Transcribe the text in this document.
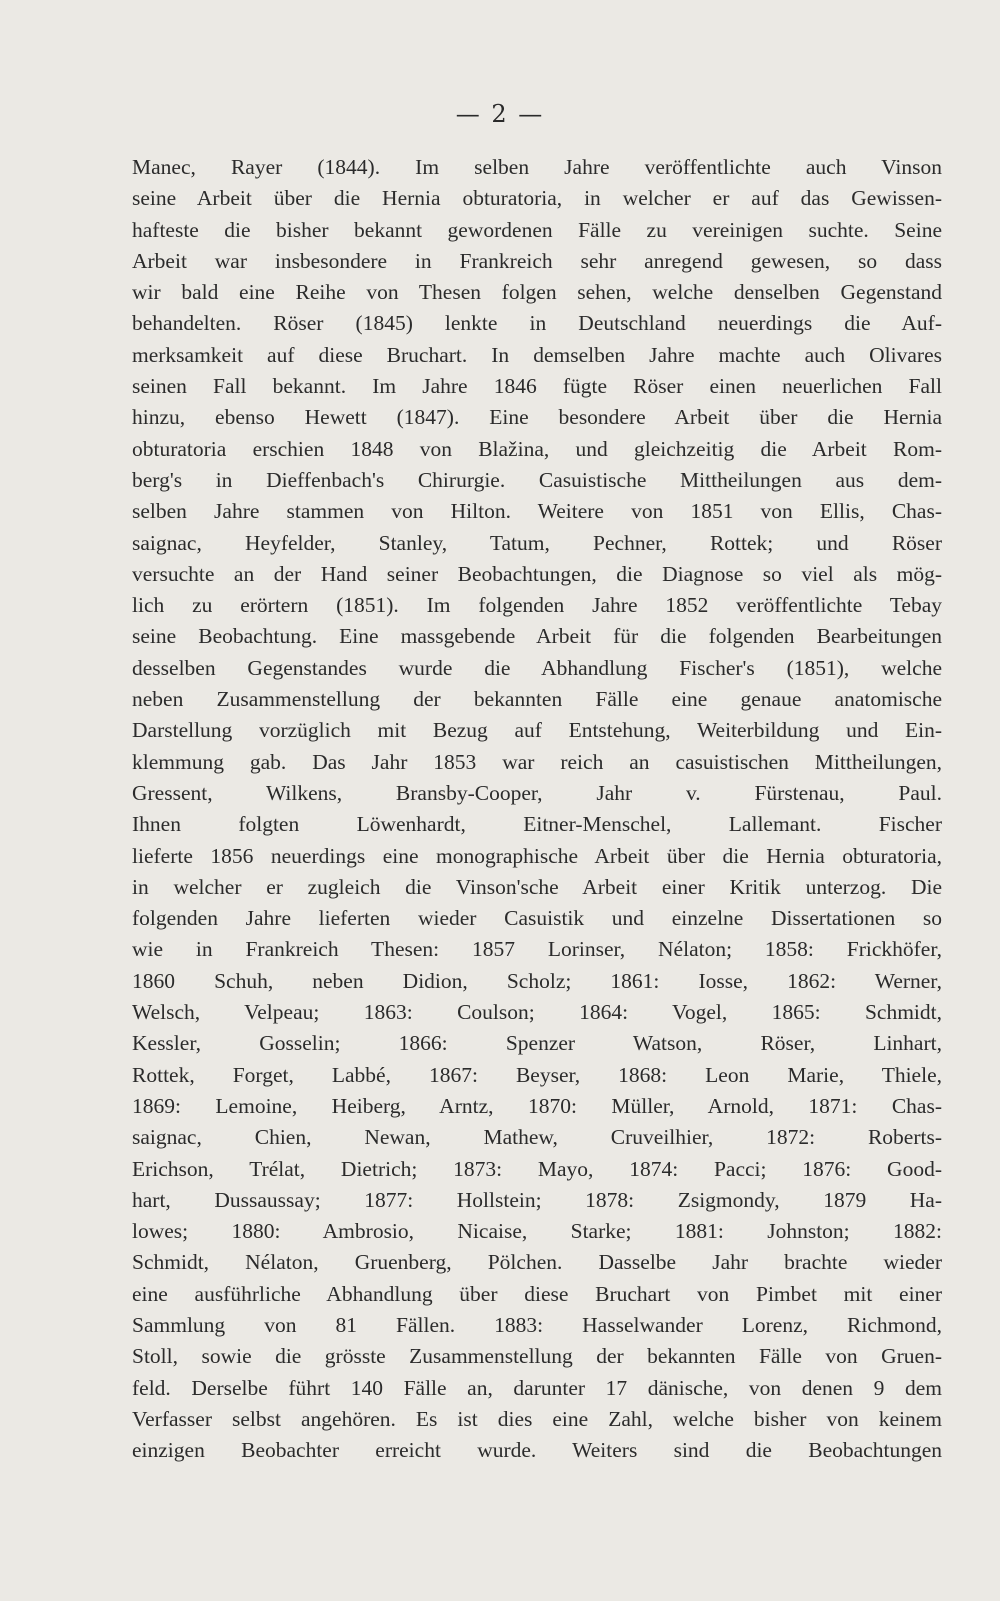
— 2 —
Manec, Rayer (1844). Im selben Jahre veröffentlichte auch Vinson
seine Arbeit über die Hernia obturatoria, in welcher er auf das Gewissen-
hafteste die bisher bekannt gewordenen Fälle zu vereinigen suchte. Seine
Arbeit war insbesondere in Frankreich sehr anregend gewesen, so dass
wir bald eine Reihe von Thesen folgen sehen, welche denselben Gegenstand
behandelten. Röser (1845) lenkte in Deutschland neuerdings die Auf-
merksamkeit auf diese Bruchart. In demselben Jahre machte auch Olivares
seinen Fall bekannt. Im Jahre 1846 fügte Röser einen neuerlichen Fall
hinzu, ebenso Hewett (1847). Eine besondere Arbeit über die Hernia
obturatoria erschien 1848 von Blažina, und gleichzeitig die Arbeit Rom-
berg's in Dieffenbach's Chirurgie. Casuistische Mittheilungen aus dem-
selben Jahre stammen von Hilton. Weitere von 1851 von Ellis, Chas-
saignac, Heyfelder, Stanley, Tatum, Pechner, Rottek; und Röser
versuchte an der Hand seiner Beobachtungen, die Diagnose so viel als mög-
lich zu erörtern (1851). Im folgenden Jahre 1852 veröffentlichte Tebay
seine Beobachtung. Eine massgebende Arbeit für die folgenden Bearbeitungen
desselben Gegenstandes wurde die Abhandlung Fischer's (1851), welche
neben Zusammenstellung der bekannten Fälle eine genaue anatomische
Darstellung vorzüglich mit Bezug auf Entstehung, Weiterbildung und Ein-
klemmung gab. Das Jahr 1853 war reich an casuistischen Mittheilungen,
Gressent, Wilkens, Bransby-Cooper, Jahr v. Fürstenau, Paul.
Ihnen folgten Löwenhardt, Eitner-Menschel, Lallemant. Fischer
lieferte 1856 neuerdings eine monographische Arbeit über die Hernia obturatoria,
in welcher er zugleich die Vinson'sche Arbeit einer Kritik unterzog. Die
folgenden Jahre lieferten wieder Casuistik und einzelne Dissertationen so
wie in Frankreich Thesen: 1857 Lorinser, Nélaton; 1858: Frickhöfer,
1860 Schuh, neben Didion, Scholz; 1861: Iosse, 1862: Werner,
Welsch, Velpeau; 1863: Coulson; 1864: Vogel, 1865: Schmidt,
Kessler, Gosselin; 1866: Spenzer Watson, Röser, Linhart,
Rottek, Forget, Labbé, 1867: Beyser, 1868: Leon Marie, Thiele,
1869: Lemoine, Heiberg, Arntz, 1870: Müller, Arnold, 1871: Chas-
saignac, Chien, Newan, Mathew, Cruveilhier, 1872: Roberts-
Erichson, Trélat, Dietrich; 1873: Mayo, 1874: Pacci; 1876: Good-
hart, Dussaussay; 1877: Hollstein; 1878: Zsigmondy, 1879 Ha-
lowes; 1880: Ambrosio, Nicaise, Starke; 1881: Johnston; 1882:
Schmidt, Nélaton, Gruenberg, Pölchen. Dasselbe Jahr brachte wieder
eine ausführliche Abhandlung über diese Bruchart von Pimbet mit einer
Sammlung von 81 Fällen. 1883: Hasselwander Lorenz, Richmond,
Stoll, sowie die grösste Zusammenstellung der bekannten Fälle von Gruen-
feld. Derselbe führt 140 Fälle an, darunter 17 dänische, von denen 9 dem
Verfasser selbst angehören. Es ist dies eine Zahl, welche bisher von keinem
einzigen Beobachter erreicht wurde. Weiters sind die Beobachtungen
